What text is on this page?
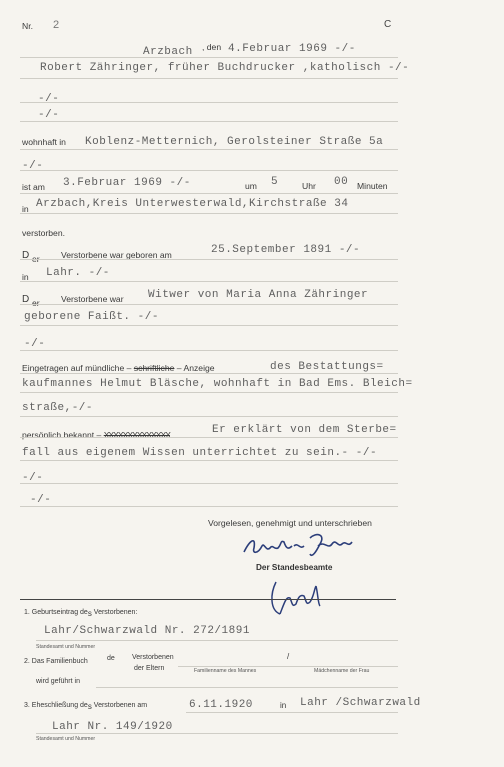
Nr. 2	C
Arzbach , den 4.Februar 1969 -/-
Robert Zähringer, früher Buchdrucker ,katholisch -/-
-/-
-/-
wohnhaft in Koblenz-Metternich, Gerolsteiner Straße 5a
-/-
ist am 3.Februar 1969 -/-	um 5	Uhr 00 Minuten
in Arzbach,Kreis Unterwesterwald,Kirchstraße 34
verstorben.
D er Verstorbene war geboren am	25.September 1891 -/-
in Lahr. -/-
D er Verstorbene war Witwer von Maria Anna Zähringer
geborene Faißt. -/-
-/-
Eingetragen auf mündliche – schriftliche – Anzeige	des Bestattungs=
kaufmannes Helmut Bläsche, wohnhaft in Bad Ems. Bleich=
straße,-/-
persönlich bekannt – XXXXXXXXXXXXXX	Er erklärt von dem Sterbe=
fall aus eigenem Wissen unterrichtet zu sein.- -/-
-/-
-/-
Vorgelesen, genehmigt und unterschrieben
Der Standesbeamte
1. Geburtseintrag des Verstorbenen:
Lahr/Schwarzwald Nr. 272/1891
Standesamt und Nummer
2. Das Familienbuch	de Verstorbenen
der Eltern
/
Familienname des Mannes	Mädchenname der Frau
wird geführt in
3. Eheschließung des Verstorbenen am	6.11.1920	in Lahr /Schwarzwald
Lahr Nr. 149/1920
Standesamt und Nummer
